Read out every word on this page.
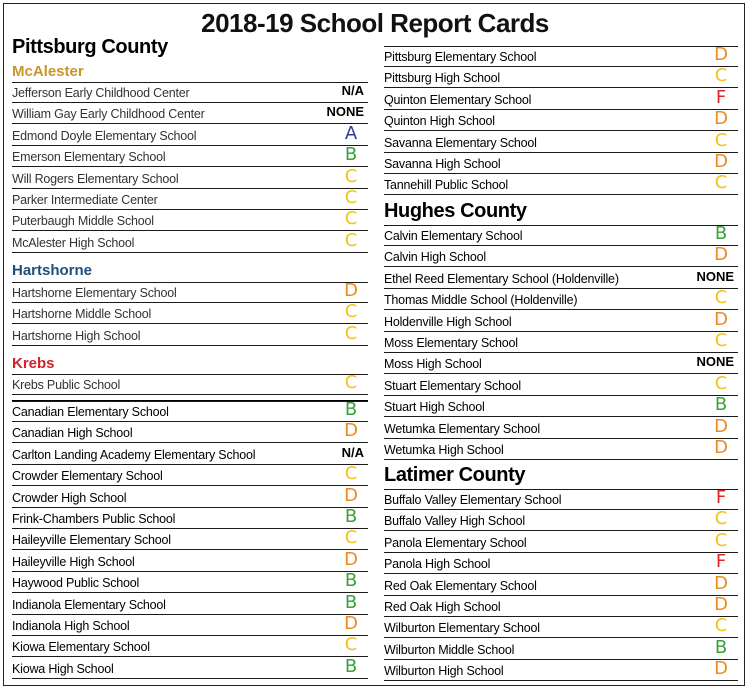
2018-19 School Report Cards
Pittsburg County
McAlester
Jefferson Early Childhood Center	N/A
William Gay Early Childhood Center	NONE
Edmond Doyle Elementary School	A
Emerson Elementary School	B
Will Rogers Elementary School	C
Parker Intermediate Center	C
Puterbaugh Middle School	C
McAlester High School	C
Hartshorne
Hartshorne Elementary School	D
Hartshorne Middle School	C
Hartshorne High School	C
Krebs
Krebs Public School	C
Canadian Elementary School	B
Canadian High School	D
Carlton Landing Academy Elementary School	N/A
Crowder Elementary School	C
Crowder High School	D
Frink-Chambers Public School	B
Haileyville Elementary School	C
Haileyville High School	D
Haywood Public School	B
Indianola Elementary School	B
Indianola High School	D
Kiowa Elementary School	C
Kiowa High School	B
Pittsburg Elementary School	D
Pittsburg High School	C
Quinton Elementary School	F
Quinton High School	D
Savanna Elementary School	C
Savanna High School	D
Tannehill Public School	C
Hughes County
Calvin Elementary School	B
Calvin High School	D
Ethel Reed Elementary School (Holdenville)	NONE
Thomas Middle School (Holdenville)	C
Holdenville High School	D
Moss Elementary School	C
Moss High School	NONE
Stuart Elementary School	C
Stuart High School	B
Wetumka Elementary School	D
Wetumka High School	D
Latimer County
Buffalo Valley Elementary School	F
Buffalo Valley High School	C
Panola Elementary School	C
Panola High School	F
Red Oak Elementary School	D
Red Oak High School	D
Wilburton Elementary School	C
Wilburton Middle School	B
Wilburton High School	D
